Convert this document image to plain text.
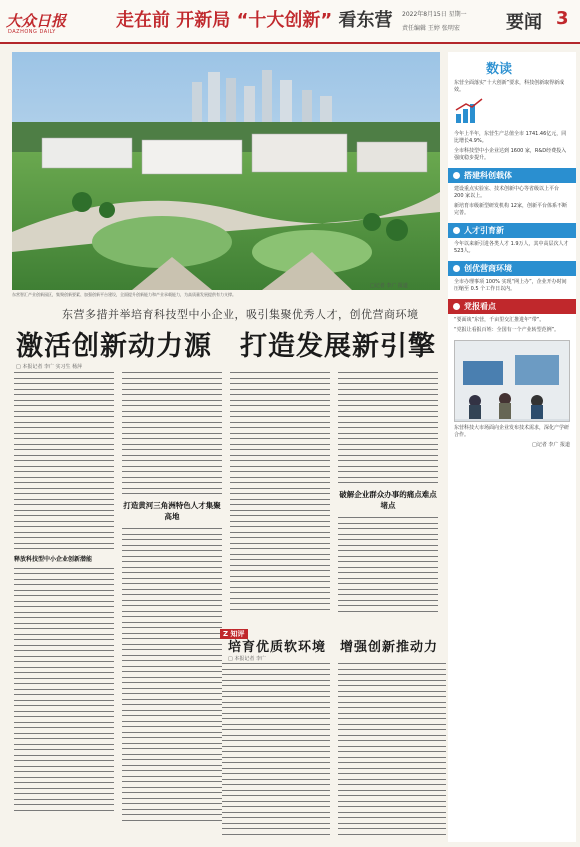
大众日报
DAZHONG DAILY
走在前 开新局 “十大创新” 看东营 2022年8月15日 星期一
责任编辑 王婷 张明宏	要闻 3
□记者 李广 报道
东营智汇产业创新园区，集聚创新要素、加强创新平台建设，全面提升创新能力和产业承载能力，为高质量发展提供有力支撑。
东营多措并举培育科技型中小企业，吸引集聚优秀人才，创优营商环境
激活创新动力源　打造发展新引擎
□ 本报记者 李广 实习生 杨萍
释放科技型中小企业创新潜能
打造黄河三角洲特色人才集聚高地
破解企业群众办事的痛点难点堵点
Z 知评
培育优质软环境　增强创新推动力
□ 本报记者 李广
数读
东营全面落实“十大创新”要求，科技创新取得新成效。
今年上半年，东营生产总值全市 1741.46亿元，同比增长4.9%。
全市科技型中小企业达到 1600 家，R&D经费投入强度稳步提升。
搭建科创载体
建设重点实验室、技术创新中心等省级以上平台 200 家以上。
新培育市级新型研发机构 12家，创新平台体系不断完善。
人才引育新
今年以来新引进各类人才 1.9万人，其中高层次人才 523人。
创优营商环境
全市办理事项 100% 实现“网上办”，企业开办时间压缩至 0.5 个工作日以内。
党报看点
“要面谈”东营，千亩里交汇推进年“带”。
“党报让看报百姓：全国有一个产业转型范例”。
东营科技大市场面向企业发布技术需求，深化产学研合作。
□记者 李广 报道
